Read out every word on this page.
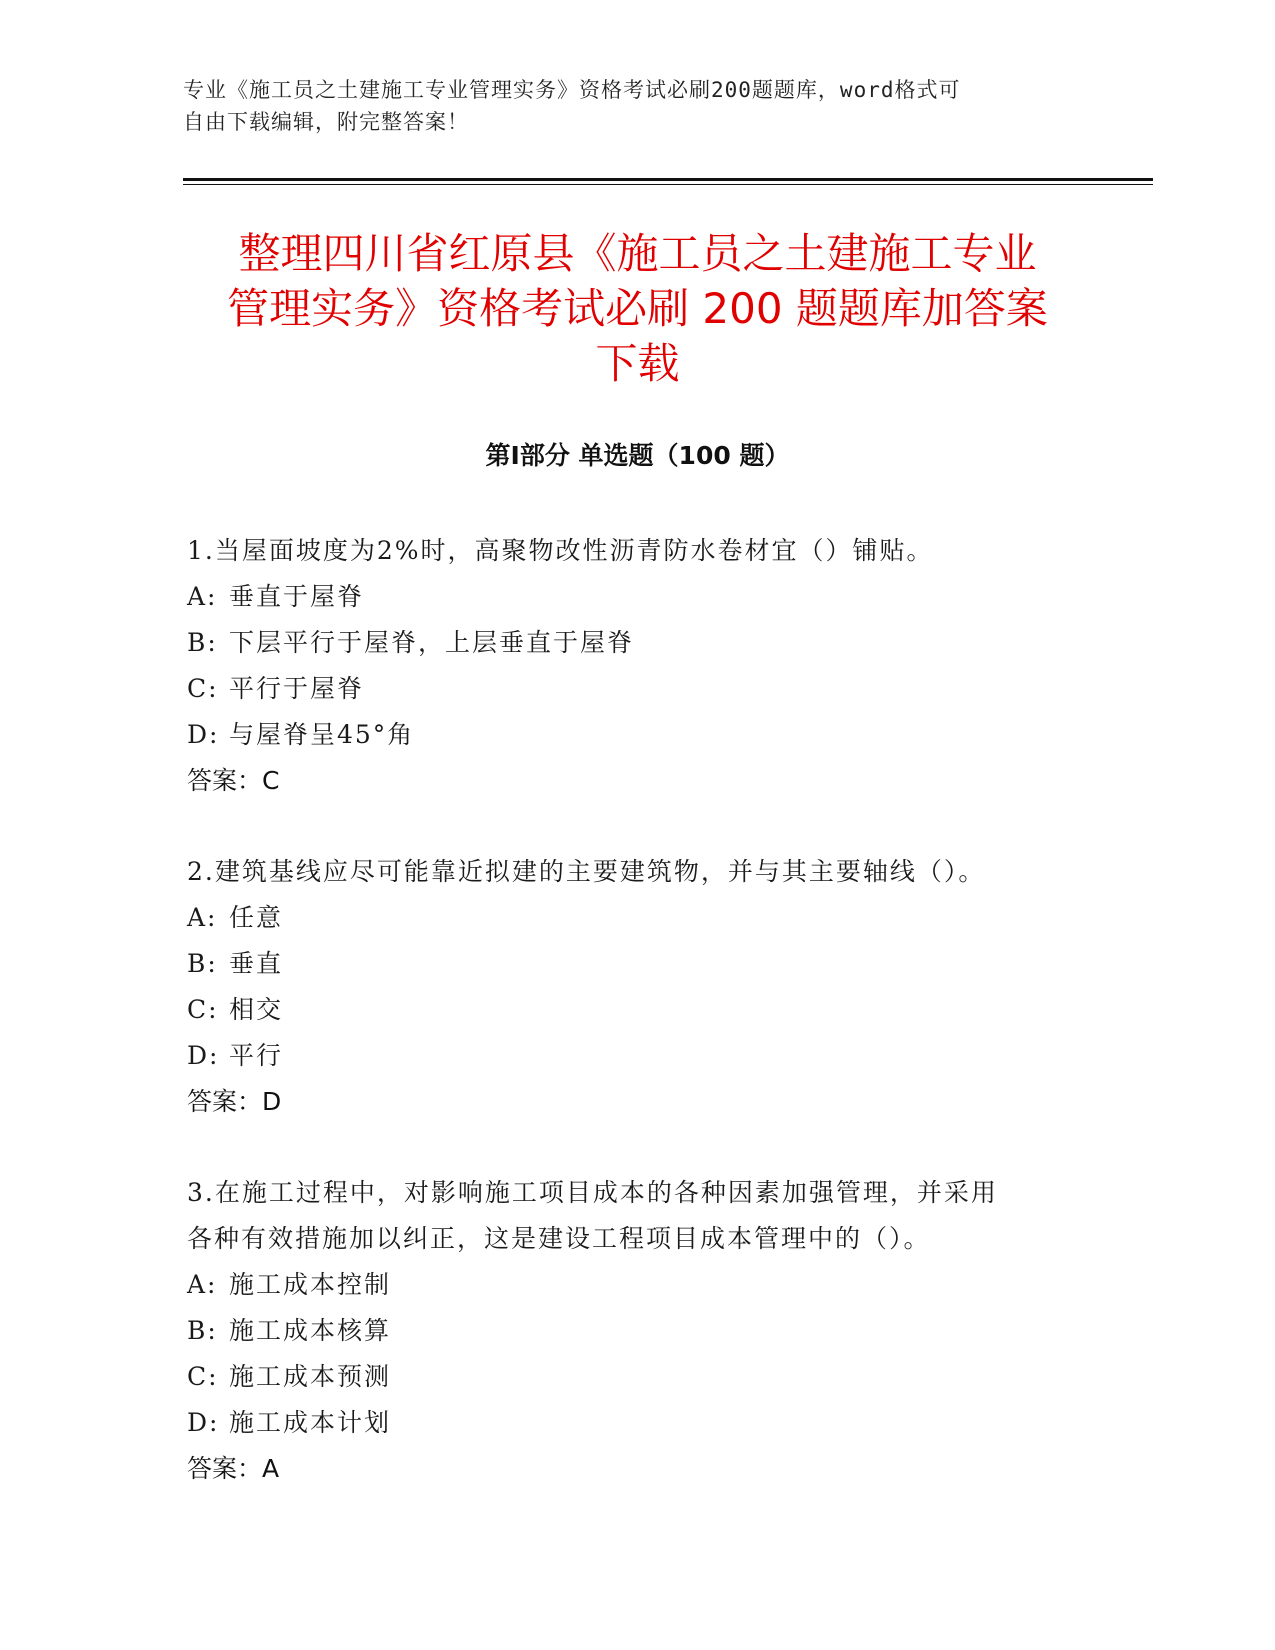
专业《施工员之土建施工专业管理实务》资格考试必刷200题题库，word格式可
自由下载编辑，附完整答案！
整理四川省红原县《施工员之土建施工专业
管理实务》资格考试必刷 200 题题库加答案
下载
第Ⅰ部分 单选题（100 题）
1.当屋面坡度为2%时，高聚物改性沥青防水卷材宜（）铺贴。
A: 垂直于屋脊
B: 下层平行于屋脊，上层垂直于屋脊
C: 平行于屋脊
D: 与屋脊呈45°角
答案：C
2.建筑基线应尽可能靠近拟建的主要建筑物，并与其主要轴线（）。
A: 任意
B: 垂直
C: 相交
D: 平行
答案：D
3.在施工过程中，对影响施工项目成本的各种因素加强管理，并采用
各种有效措施加以纠正，这是建设工程项目成本管理中的（）。
A: 施工成本控制
B: 施工成本核算
C: 施工成本预测
D: 施工成本计划
答案：A
